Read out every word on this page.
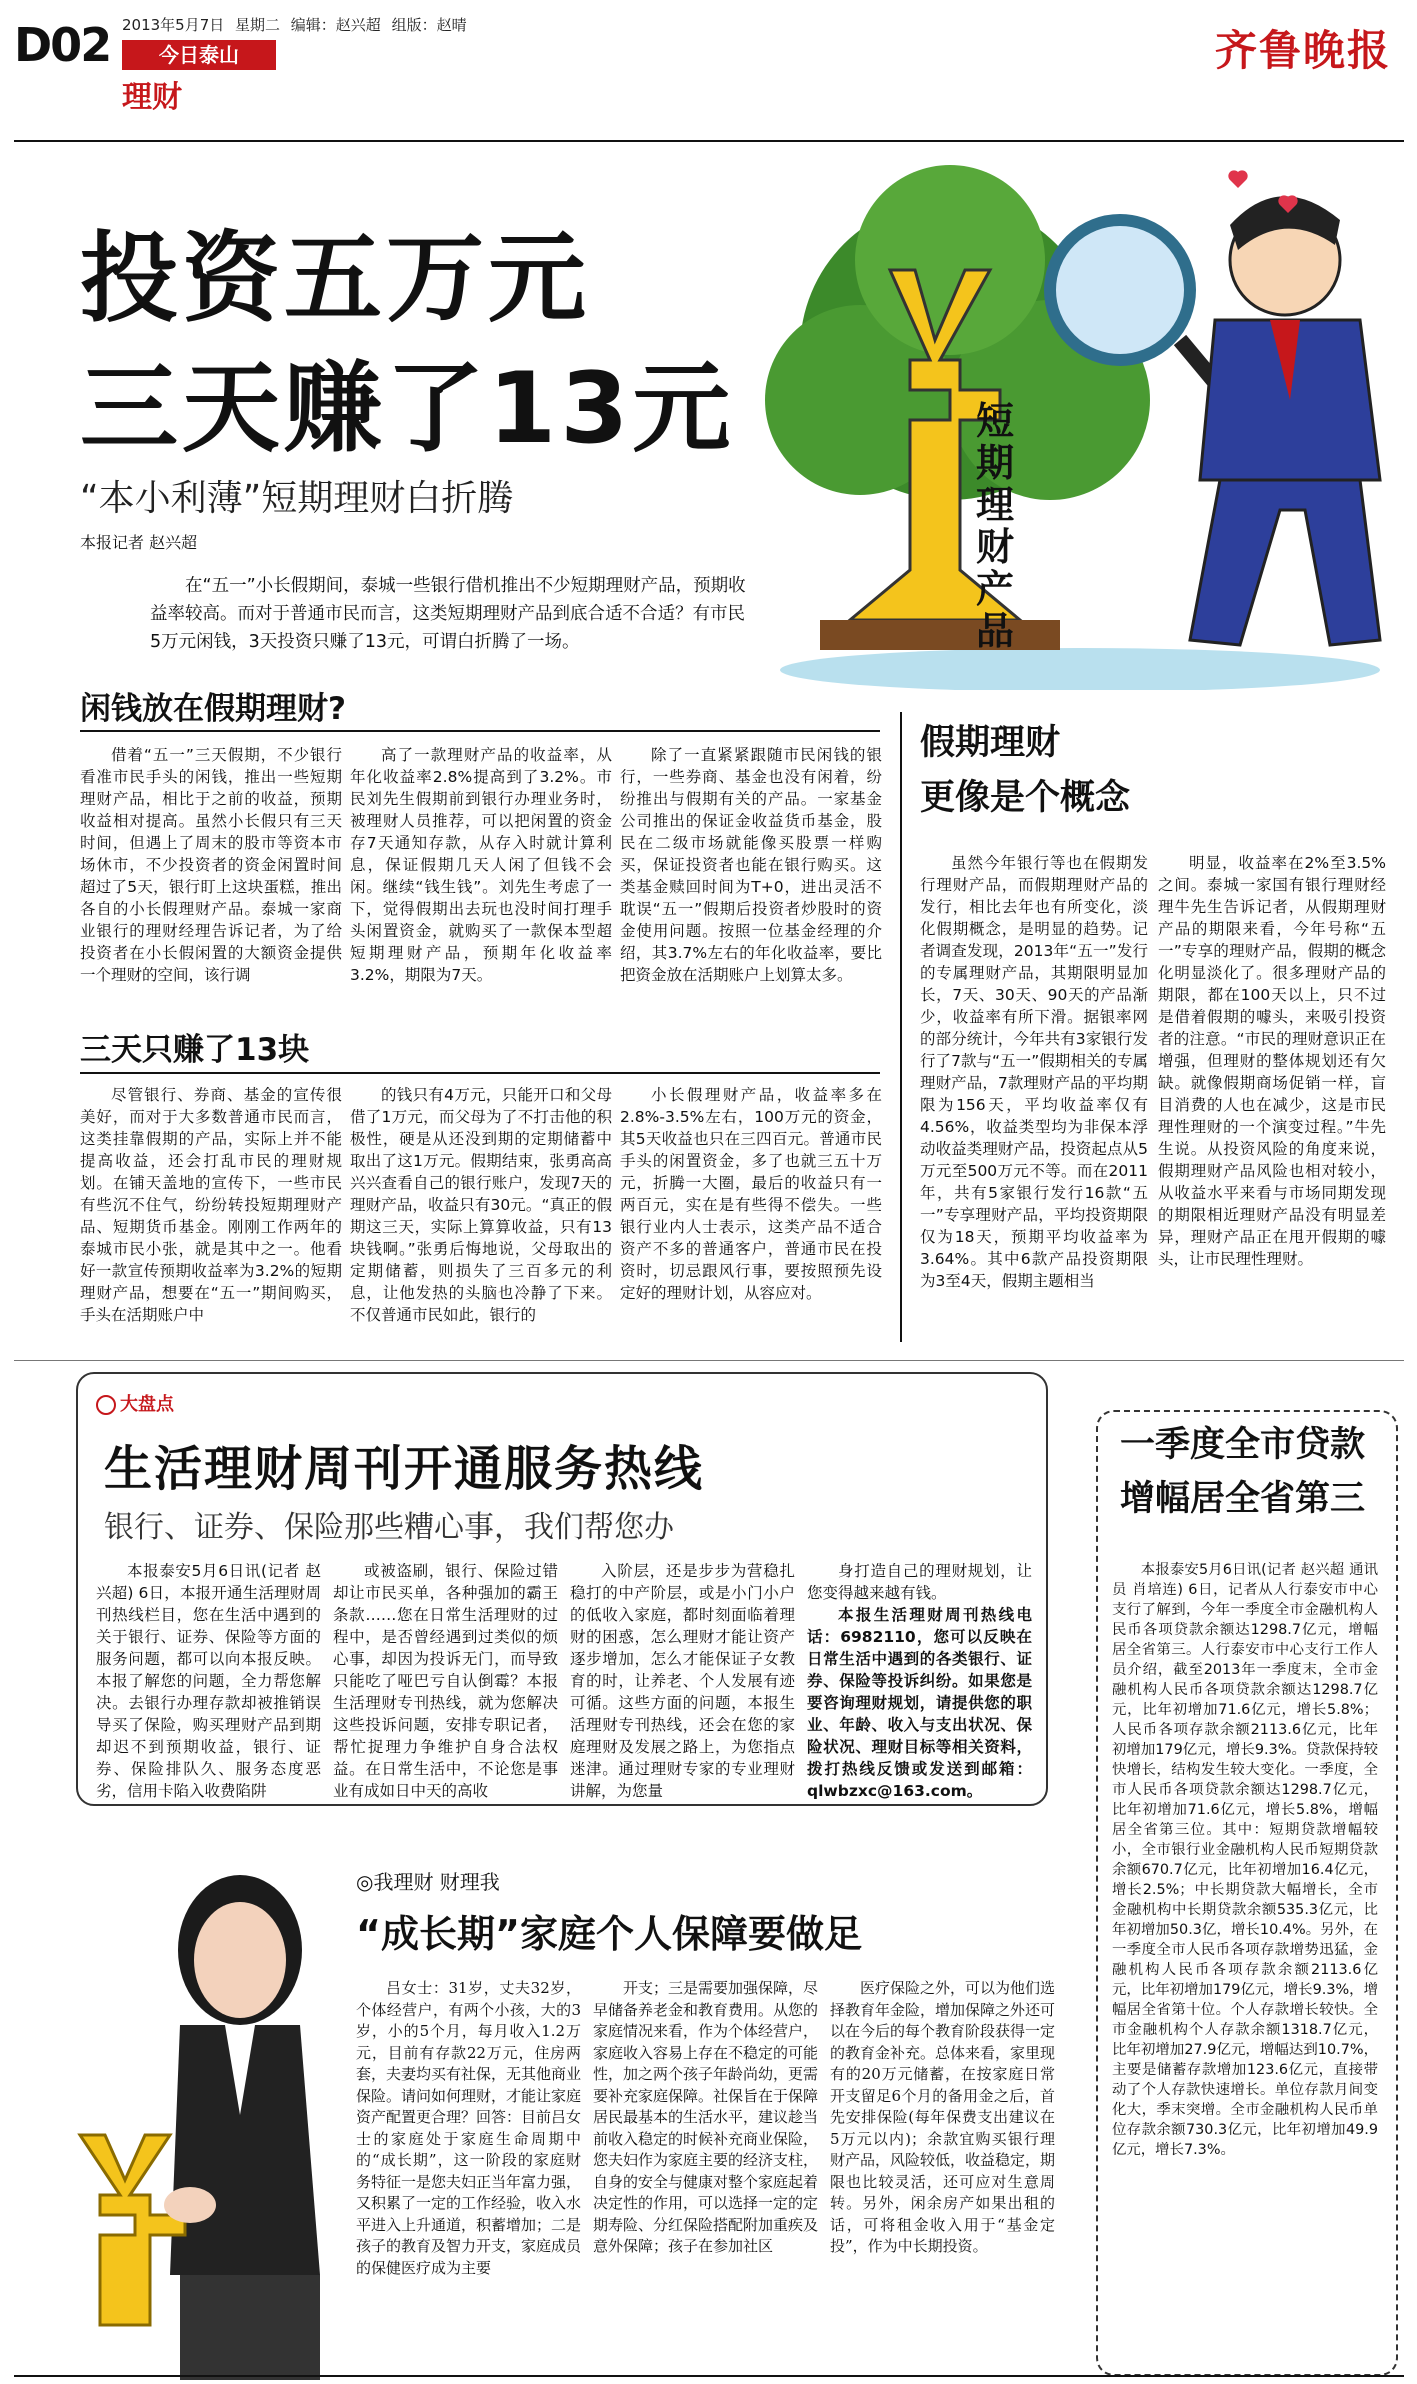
D02 2013年5月7日 星期二 编辑：赵兴超 组版：赵晴
今日泰山
理财
齐鲁晚报
投资五万元
三天赚了13元
“本小利薄”短期理财白折腾
本报记者 赵兴超
在“五一”小长假期间，泰城一些银行借机推出不少短期理财产品，预期收益率较高。而对于普通市民而言，这类短期理财产品到底合适不合适？有市民5万元闲钱，3天投资只赚了13元，可谓白折腾了一场。
短期理财产品
闲钱放在假期理财?

借着“五一”三天假期，不少银行看准市民手头的闲钱，推出一些短期理财产品，相比于之前的收益，预期收益相对提高。虽然小长假只有三天时间，但遇上了周末的股市等资本市场休市，不少投资者的资金闲置时间超过了5天，银行盯上这块蛋糕，推出各自的小长假理财产品。泰城一家商业银行的理财经理告诉记者，为了给投资者在小长假闲置的大额资金提供一个理财的空间，该行调

高了一款理财产品的收益率，从年化收益率2.8%提高到了3.2%。市民刘先生假期前到银行办理业务时，被理财人员推荐，可以把闲置的资金存7天通知存款，从存入时就计算利息，保证假期几天人闲了但钱不会闲。继续“钱生钱”。刘先生考虑了一下，觉得假期出去玩也没时间打理手头闲置资金，就购买了一款保本型超短期理财产品，预期年化收益率3.2%，期限为7天。

除了一直紧紧跟随市民闲钱的银行，一些券商、基金也没有闲着，纷纷推出与假期有关的产品。一家基金公司推出的保证金收益货币基金，股民在二级市场就能像买股票一样购买，保证投资者也能在银行购买。这类基金赎回时间为T+0，进出灵活不耽误“五一”假期后投资者炒股时的资金使用问题。按照一位基金经理的介绍，其3.7%左右的年化收益率，要比把资金放在活期账户上划算太多。

三天只赚了13块

尽管银行、券商、基金的宣传很美好，而对于大多数普通市民而言，这类挂靠假期的产品，实际上并不能提高收益，还会打乱市民的理财规划。在铺天盖地的宣传下，一些市民有些沉不住气，纷纷转投短期理财产品、短期货币基金。刚刚工作两年的泰城市民小张，就是其中之一。他看好一款宣传预期收益率为3.2%的短期理财产品，想要在“五一”期间购买，手头在活期账户中

的钱只有4万元，只能开口和父母借了1万元，而父母为了不打击他的积极性，硬是从还没到期的定期储蓄中取出了这1万元。假期结束，张勇高高兴兴查看自己的银行账户，发现7天的理财产品，收益只有30元。“真正的假期这三天，实际上算算收益，只有13块钱啊。”张勇后悔地说，父母取出的定期储蓄，则损失了三百多元的利息，让他发热的头脑也冷静了下来。不仅普通市民如此，银行的

小长假理财产品，收益率多在2.8%-3.5%左右，100万元的资金，其5天收益也只在三四百元。普通市民手头的闲置资金，多了也就三五十万元，折腾一大圈，最后的收益只有一两百元，实在是有些得不偿失。一些银行业内人士表示，这类产品不适合资产不多的普通客户，普通市民在投资时，切忌跟风行事，要按照预先设定好的理财计划，从容应对。

假期理财
更像是个概念

虽然今年银行等也在假期发行理财产品，而假期理财产品的发行，相比去年也有所变化，淡化假期概念，是明显的趋势。记者调查发现，2013年“五一”发行的专属理财产品，其期限明显加长，7天、30天、90天的产品渐少，收益率有所下滑。据银率网的部分统计，今年共有3家银行发行了7款与“五一”假期相关的专属理财产品，7款理财产品的平均期限为156天，平均收益率仅有4.56%，收益类型均为非保本浮动收益类理财产品，投资起点从5万元至500万元不等。而在2011年，共有5家银行发行16款“五一”专享理财产品，平均投资期限仅为18天，预期平均收益率为3.64%。其中6款产品投资期限为3至4天，假期主题相当

明显，收益率在2%至3.5%之间。泰城一家国有银行理财经理牛先生告诉记者，从假期理财产品的期限来看，今年号称“五一”专享的理财产品，假期的概念化明显淡化了。很多理财产品的期限，都在100天以上，只不过是借着假期的噱头，来吸引投资者的注意。“市民的理财意识正在增强，但理财的整体规划还有欠缺。就像假期商场促销一样，盲目消费的人也在减少，这是市民理性理财的一个演变过程。”牛先生说。从投资风险的角度来说，假期理财产品风险也相对较小，从收益水平来看与市场同期发现的期限相近理财产品没有明显差异，理财产品正在甩开假期的噱头，让市民理性理财。

大盘点
生活理财周刊开通服务热线
银行、证券、保险那些糟心事，我们帮您办

本报泰安5月6日讯(记者 赵兴超) 6日，本报开通生活理财周刊热线栏目，您在生活中遇到的关于银行、证券、保险等方面的服务问题，都可以向本报反映。本报了解您的问题，全力帮您解决。去银行办理存款却被推销误导买了保险，购买理财产品到期却迟不到预期收益，银行、证券、保险排队久、服务态度恶劣，信用卡陷入收费陷阱

或被盗刷，银行、保险过错却让市民买单，各种强加的霸王条款……您在日常生活理财的过程中，是否曾经遇到过类似的烦心事，却因为投诉无门，而导致只能吃了哑巴亏自认倒霉？本报生活理财专刊热线，就为您解决这些投诉问题，安排专职记者，帮忙捉理力争维护自身合法权益。在日常生活中，不论您是事业有成如日中天的高收

入阶层，还是步步为营稳扎稳打的中产阶层，或是小门小户的低收入家庭，都时刻面临着理财的困惑，怎么理财才能让资产逐步增加，怎么才能保证子女教育的时，让养老、个人发展有迹可循。这些方面的问题，本报生活理财专刊热线，还会在您的家庭理财及发展之路上，为您指点迷津。通过理财专家的专业理财讲解，为您量

身打造自己的理财规划，让您变得越来越有钱。

本报生活理财周刊热线电话：6982110，您可以反映在日常生活中遇到的各类银行、证券、保险等投诉纠纷。如果您是要咨询理财规划，请提供您的职业、年龄、收入与支出状况、保险状况、理财目标等相关资料，拨打热线反馈或发送到邮箱：qlwbzxc@163.com。

一季度全市贷款
增幅居全省第三

本报泰安5月6日讯(记者 赵兴超 通讯员 肖培连) 6日，记者从人行泰安市中心支行了解到，今年一季度全市金融机构人民币各项贷款余额达1298.7亿元，增幅居全省第三。人行泰安市中心支行工作人员介绍，截至2013年一季度末，全市金融机构人民币各项贷款余额达1298.7亿元，比年初增加71.6亿元，增长5.8%；人民币各项存款余额2113.6亿元，比年初增加179亿元，增长9.3%。贷款保持较快增长，结构发生较大变化。一季度，全市人民币各项贷款余额达1298.7亿元，比年初增加71.6亿元，增长5.8%，增幅居全省第三位。其中：短期贷款增幅较小，全市银行业金融机构人民币短期贷款余额670.7亿元，比年初增加16.4亿元，增长2.5%；中长期贷款大幅增长，全市金融机构中长期贷款余额535.3亿元，比年初增加50.3亿，增长10.4%。另外，在一季度全市人民币各项存款增势迅猛，金融机构人民币各项存款余额2113.6亿元，比年初增加179亿元，增长9.3%，增幅居全省第十位。个人存款增长较快。全市金融机构个人存款余额1318.7亿元，比年初增加27.9亿元，增幅达到10.7%，主要是储蓄存款增加123.6亿元，直接带动了个人存款快速增长。单位存款月间变化大，季末突增。全市金融机构人民币单位存款余额730.3亿元，比年初增加49.9亿元，增长7.3%。

◎我理财 财理我
“成长期”家庭个人保障要做足

吕女士：31岁，丈夫32岁，个体经营户，有两个小孩，大的3岁，小的5个月，每月收入1.2万元，目前有存款22万元，住房两套，夫妻均买有社保，无其他商业保险。请问如何理财，才能让家庭资产配置更合理？回答：目前吕女士的家庭处于家庭生命周期中的“成长期”，这一阶段的家庭财务特征一是您夫妇正当年富力强，又积累了一定的工作经验，收入水平进入上升通道，积蓄增加；二是孩子的教育及智力开支，家庭成员的保健医疗成为主要

开支；三是需要加强保障，尽早储备养老金和教育费用。从您的家庭情况来看，作为个体经营户，家庭收入容易上存在不稳定的可能性，加之两个孩子年龄尚幼，更需要补充家庭保障。社保旨在于保障居民最基本的生活水平，建议趁当前收入稳定的时候补充商业保险，您夫妇作为家庭主要的经济支柱，自身的安全与健康对整个家庭起着决定性的作用，可以选择一定的定期寿险、分红保险搭配附加重疾及意外保障；孩子在参加社区

医疗保险之外，可以为他们选择教育年金险，增加保障之外还可以在今后的每个教育阶段获得一定的教育金补充。总体来看，家里现有的20万元储蓄，在按家庭日常开支留足6个月的备用金之后，首先安排保险(每年保费支出建议在5万元以内)；余款宜购买银行理财产品，风险较低，收益稳定，期限也比较灵活，还可应对生意周转。另外，闲余房产如果出租的话，可将租金收入用于“基金定投”，作为中长期投资。
